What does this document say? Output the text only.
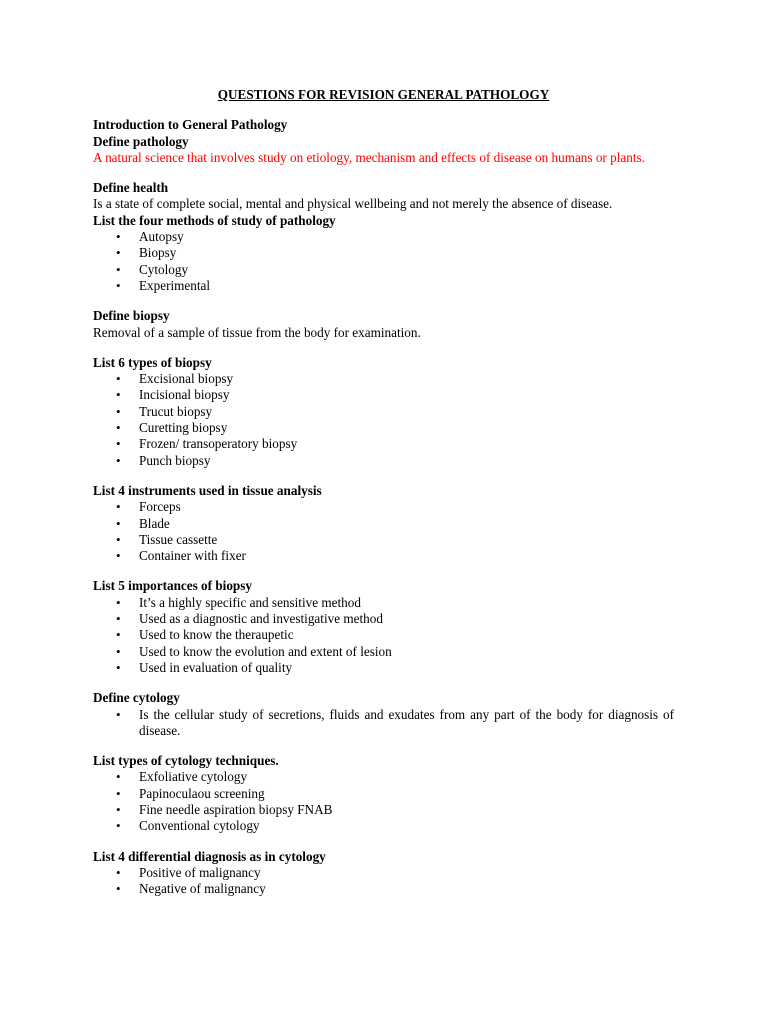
QUESTIONS FOR REVISION GENERAL PATHOLOGY

Introduction to General Pathology

Define pathology

A natural science that involves study on etiology, mechanism and effects of disease on humans or plants.

Define health

Is a state of complete social, mental and physical wellbeing and not merely the absence of disease.

List the four methods of study of pathology

• Autopsy
• Biopsy
• Cytology
• Experimental

Define biopsy

Removal of a sample of tissue from the body for examination.

List 6 types of biopsy

• Excisional biopsy
• Incisional biopsy
• Trucut biopsy
• Curetting biopsy
• Frozen/ transoperatory biopsy
• Punch biopsy

List 4 instruments used in tissue analysis

• Forceps
• Blade
• Tissue cassette
• Container with fixer

List 5 importances of biopsy

• It’s a highly specific and sensitive method
• Used as a diagnostic and investigative method
• Used to know the theraupetic
• Used to know the evolution and extent of lesion
• Used in evaluation of quality

Define cytology

• Is the cellular study of secretions, fluids and exudates from any part of the body for diagnosis of disease.

List types of cytology techniques.

• Exfoliative cytology
• Papinoculaou screening
• Fine needle aspiration biopsy FNAB
• Conventional cytology

List 4 differential diagnosis as in cytology

• Positive of malignancy
• Negative of malignancy
